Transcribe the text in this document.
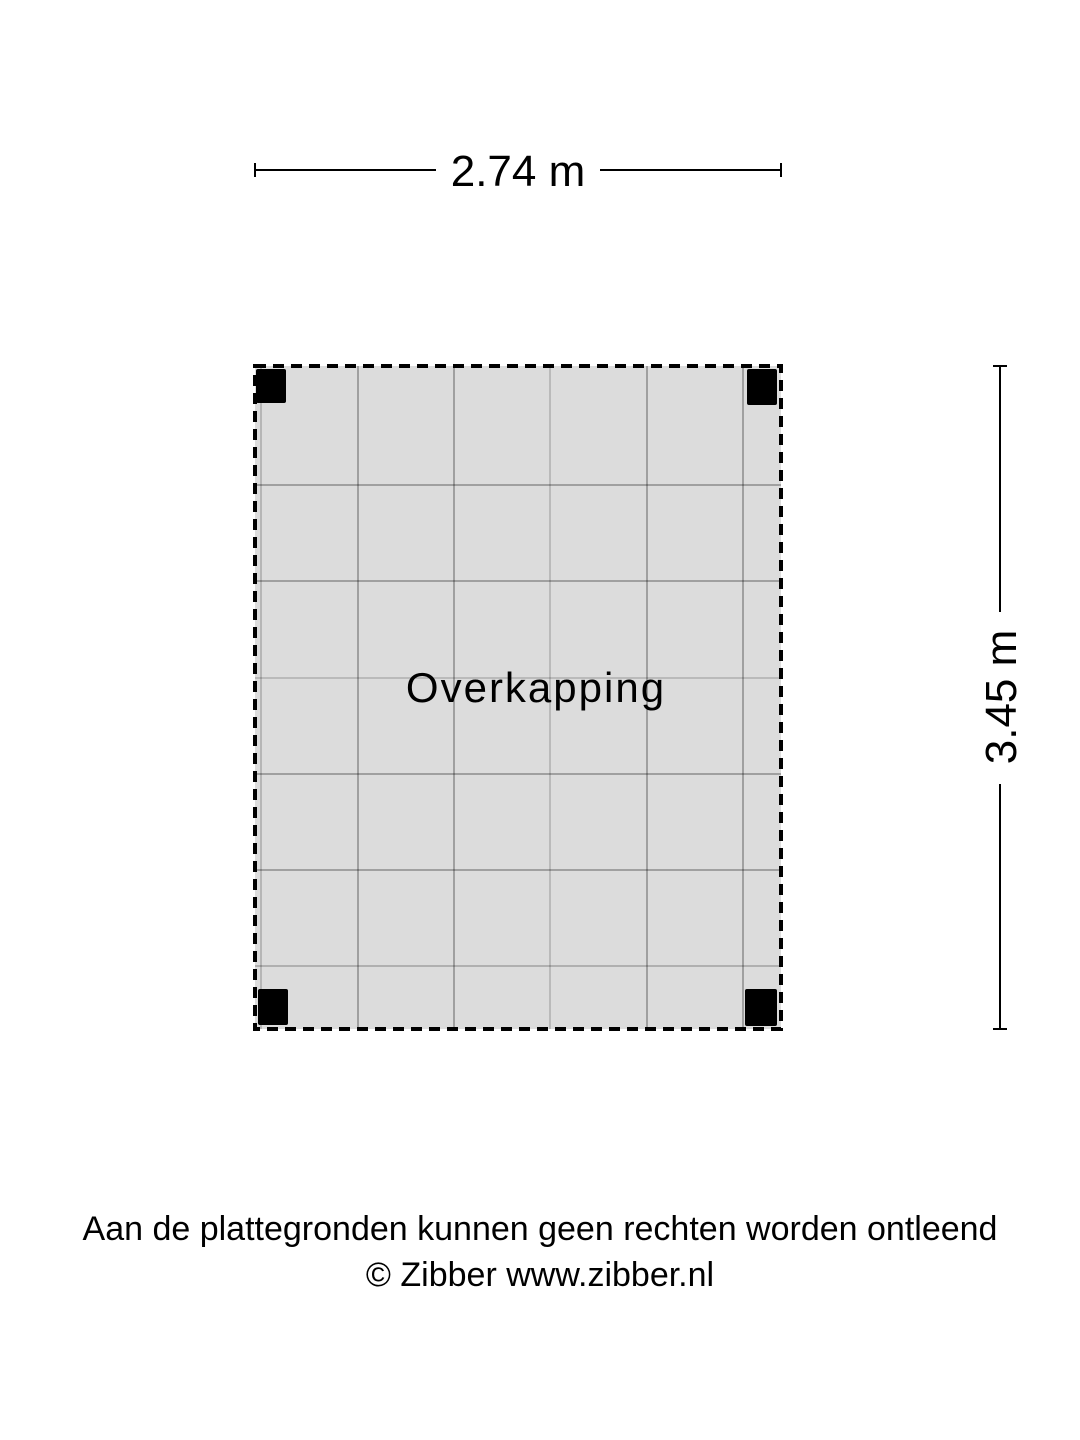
2.74 m
3.45 m
Overkapping
Aan de plattegronden kunnen geen rechten worden ontleend
© Zibber www.zibber.nl
